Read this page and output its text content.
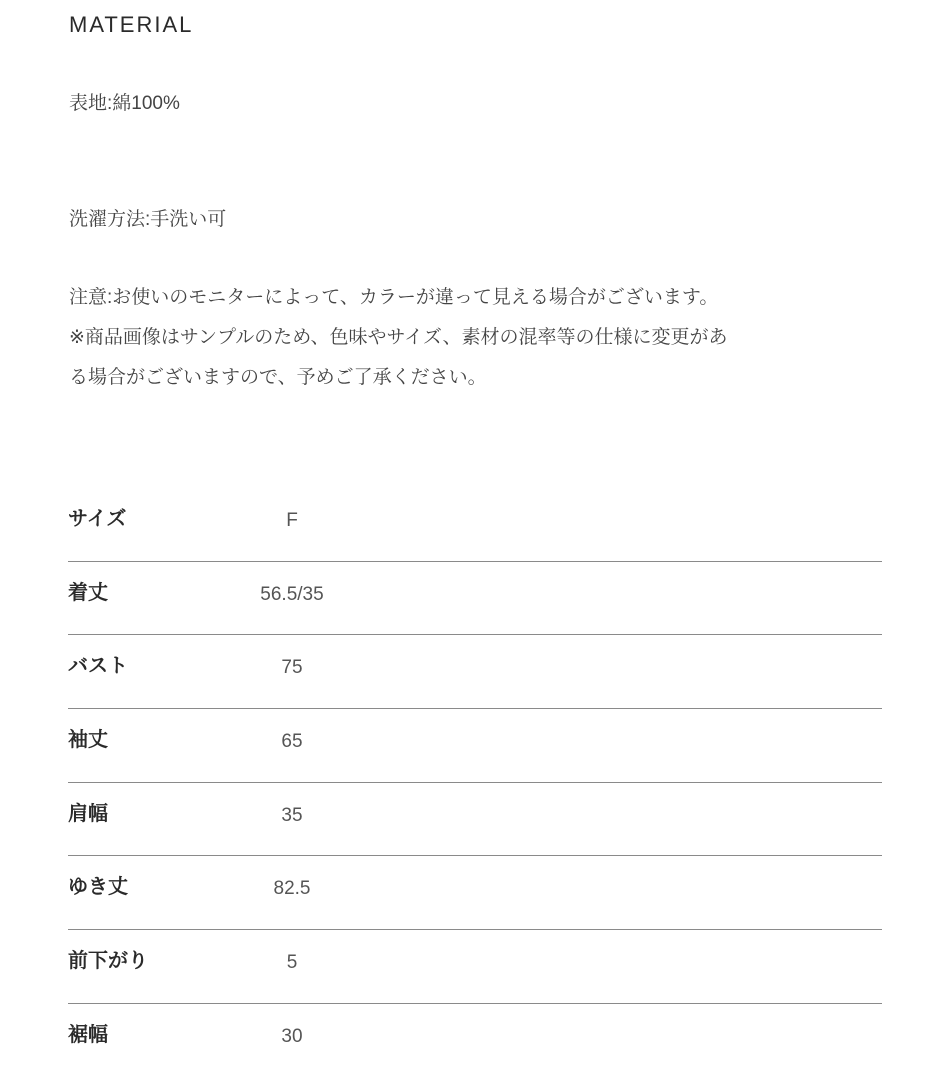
MATERIAL
表地:綿100%
洗濯方法:手洗い可
注意:お使いのモニターによって、カラーが違って見える場合がございます。
※商品画像はサンプルのため、色味やサイズ、素材の混率等の仕様に変更があ
る場合がございますので、予めご了承ください。
サイズ	F
着丈	56.5/35
バスト	75
袖丈	65
肩幅	35
ゆき丈	82.5
前下がり	5
裾幅	30
